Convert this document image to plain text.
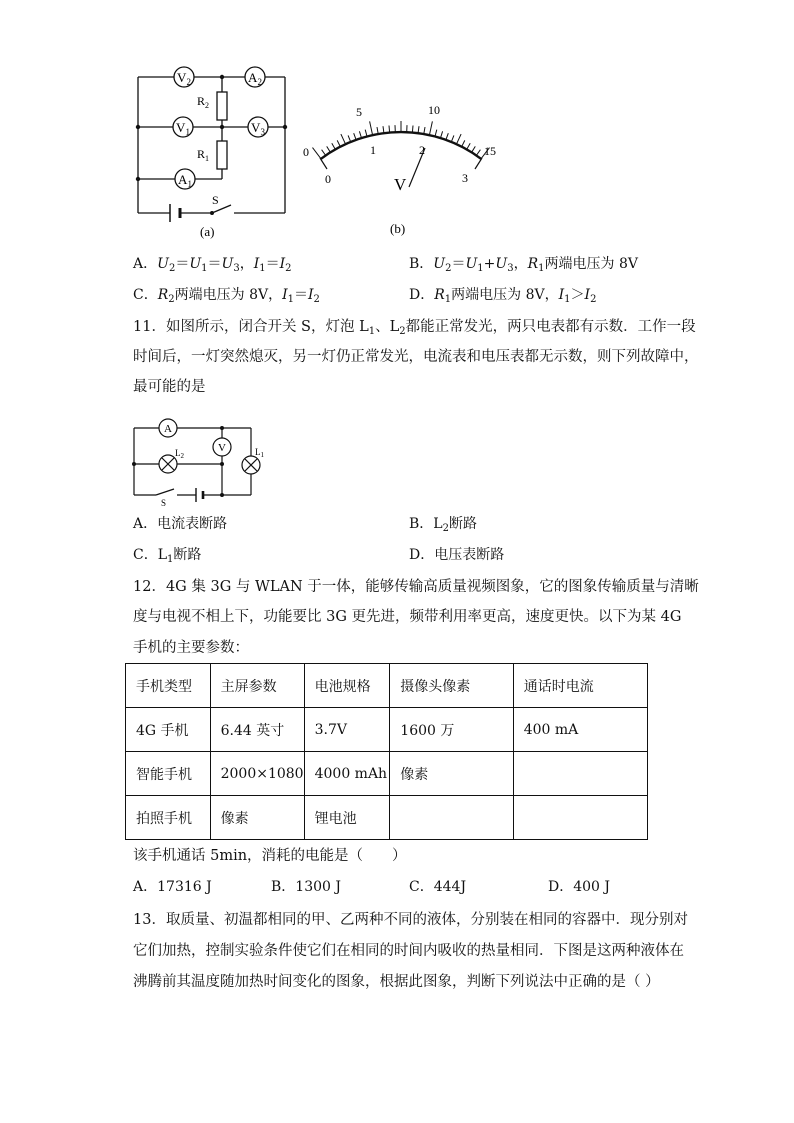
$V_2$	$A_2$
$V_1$	$V_3$
$A_1$
$R_2$
$R_1$
S
(a)
0
5	10
15
0
1	2
3
V
(b)
A．$U_2=U_1=U_3$，$I_1=I_2$	B．$U_2=U_1+U_3$，$R_1$两端电压为 8V
C．$R_2$两端电压为 8V，$I_1=I_2$	D．$R_1$两端电压为 8V，$I_1>I_2$
11．如图所示，闭合开关 S，灯泡 $L_1$、$L_2$都能正常发光，两只电表都有示数．工作一段
时间后，一灯突然熄灭，另一灯仍正常发光，电流表和电压表都无示数，则下列故障中，
最可能的是
A
V
$L_2$	$L_1$
S
A．电流表断路	B．$L_2$断路
C．$L_1$断路	D．电压表断路
12．4G 集 3G 与 WLAN 于一体，能够传输高质量视频图象，它的图象传输质量与清晰
度与电视不相上下，功能要比 3G 更先进，频带利用率更高，速度更快。以下为某 4G
手机的主要参数：
手机类型	主屏参数	电池规格	摄像头像素	通话时电流
4G 手机	6.44 英寸	3.7V	1600 万	400 mA
智能手机	2000×1080	4000 mAh	像素	
拍照手机	像素	锂电池		
该手机通话 5min，消耗的电能是（　　）
A．17316 J	B．1300 J	C．444J	D．400 J
13．取质量、初温都相同的甲、乙两种不同的液体，分别装在相同的容器中．现分别对
它们加热，控制实验条件使它们在相同的时间内吸收的热量相同．下图是这两种液体在
沸腾前其温度随加热时间变化的图象，根据此图象，判断下列说法中正确的是（ ）
